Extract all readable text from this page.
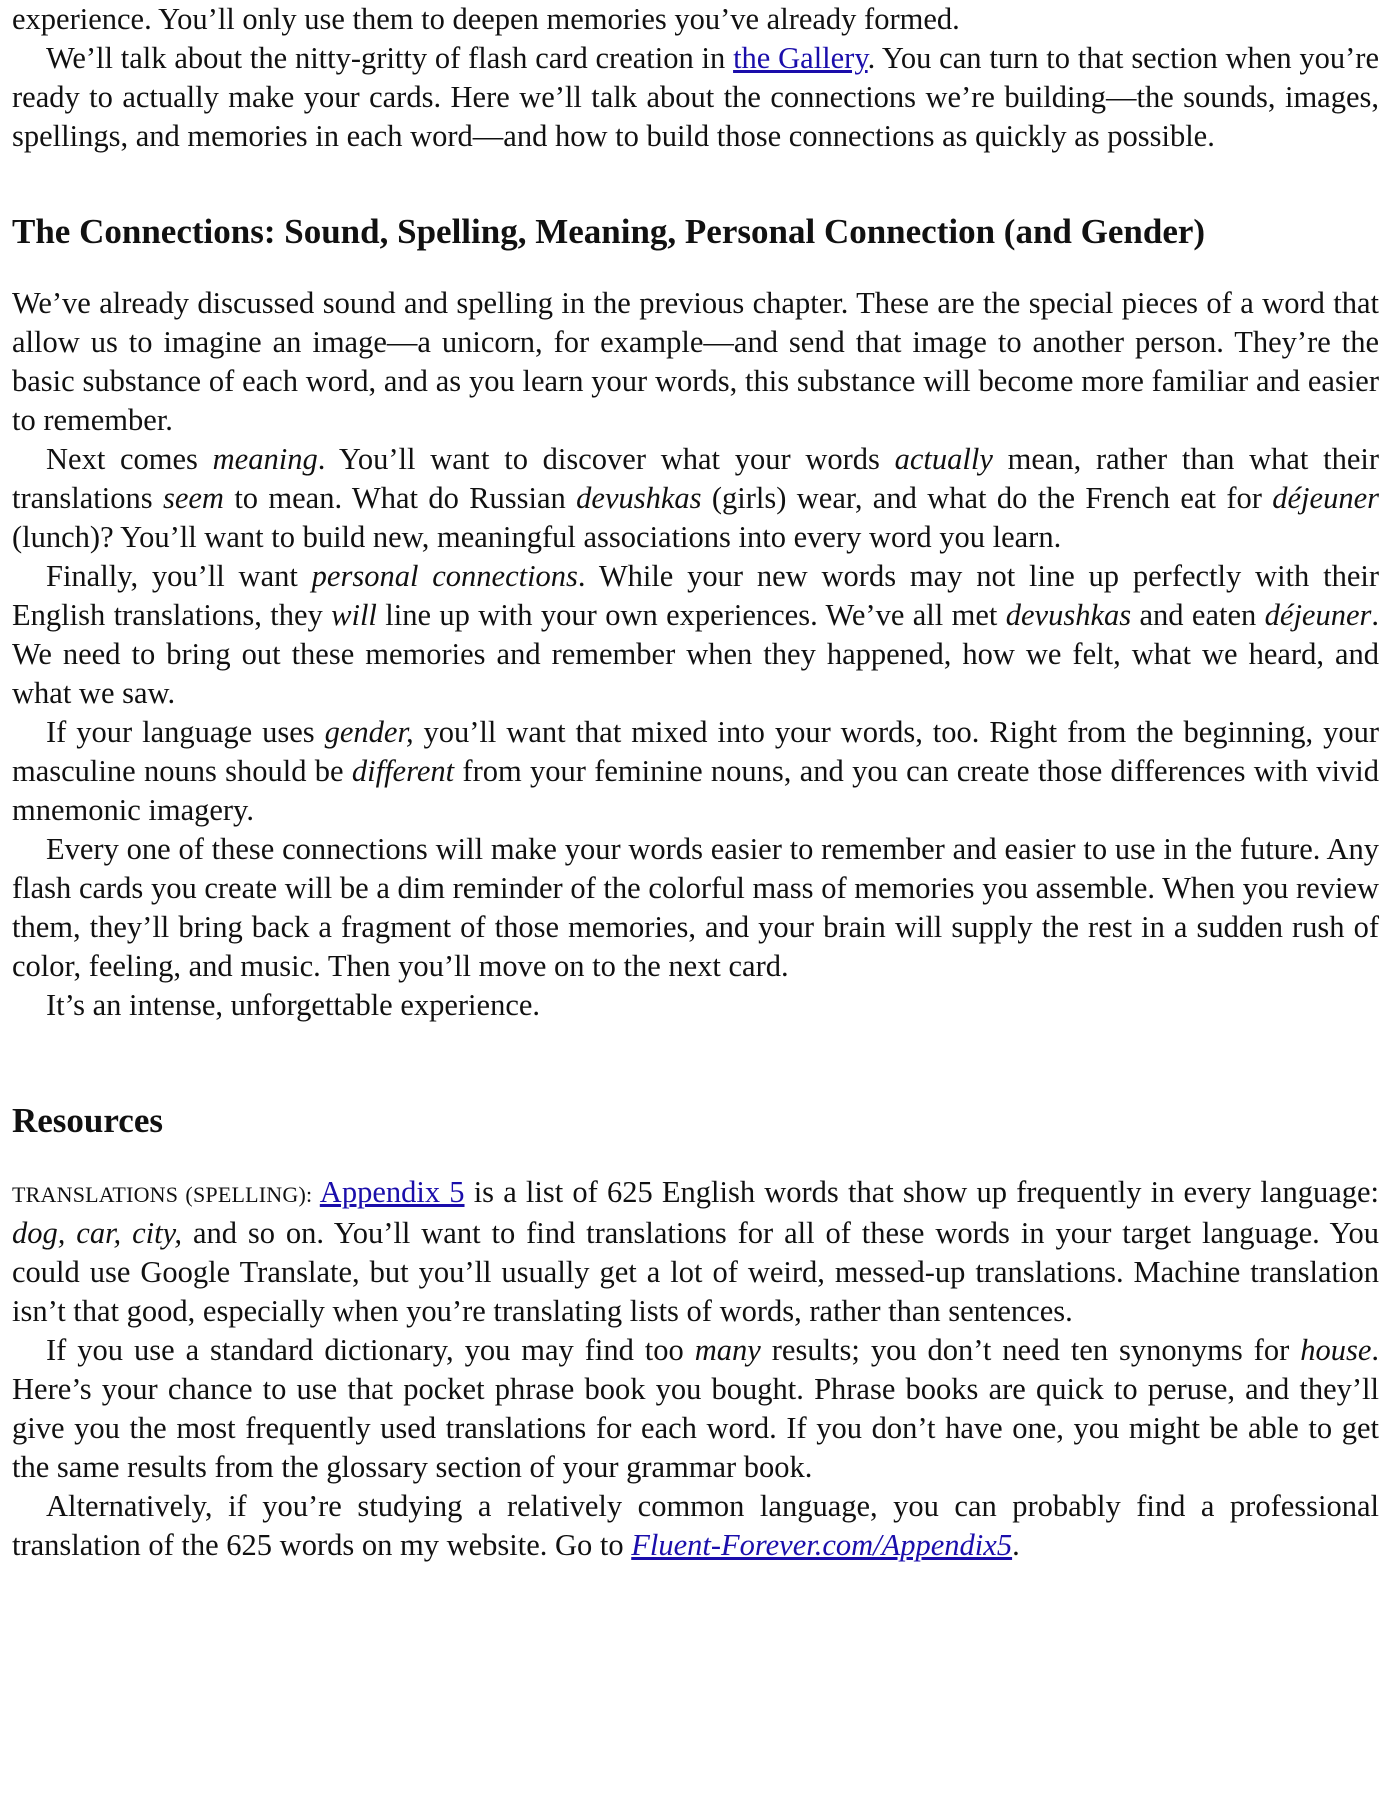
experience. You’ll only use them to deepen memories you’ve already formed.

We’ll talk about the nitty-gritty of flash card creation in the Gallery. You can turn to that section when you’re ready to actually make your cards. Here we’ll talk about the connections we’re building—the sounds, images, spellings, and memories in each word—and how to build those connections as quickly as possible.

The Connections: Sound, Spelling, Meaning, Personal Connection (and Gender)

We’ve already discussed sound and spelling in the previous chapter. These are the special pieces of a word that allow us to imagine an image—a unicorn, for example—and send that image to another person. They’re the basic substance of each word, and as you learn your words, this substance will become more familiar and easier to remember.

Next comes meaning. You’ll want to discover what your words actually mean, rather than what their translations seem to mean. What do Russian devushkas (girls) wear, and what do the French eat for déjeuner (lunch)? You’ll want to build new, meaningful associations into every word you learn.

Finally, you’ll want personal connections. While your new words may not line up perfectly with their English translations, they will line up with your own experiences. We’ve all met devushkas and eaten déjeuner. We need to bring out these memories and remember when they happened, how we felt, what we heard, and what we saw.

If your language uses gender, you’ll want that mixed into your words, too. Right from the beginning, your masculine nouns should be different from your feminine nouns, and you can create those differences with vivid mnemonic imagery.

Every one of these connections will make your words easier to remember and easier to use in the future. Any flash cards you create will be a dim reminder of the colorful mass of memories you assemble. When you review them, they’ll bring back a fragment of those memories, and your brain will supply the rest in a sudden rush of color, feeling, and music. Then you’ll move on to the next card.

It’s an intense, unforgettable experience.

Resources

TRANSLATIONS (SPELLING): Appendix 5 is a list of 625 English words that show up frequently in every language: dog, car, city, and so on. You’ll want to find translations for all of these words in your target language. You could use Google Translate, but you’ll usually get a lot of weird, messed-up translations. Machine translation isn’t that good, especially when you’re translating lists of words, rather than sentences.

If you use a standard dictionary, you may find too many results; you don’t need ten synonyms for house. Here’s your chance to use that pocket phrase book you bought. Phrase books are quick to peruse, and they’ll give you the most frequently used translations for each word. If you don’t have one, you might be able to get the same results from the glossary section of your grammar book.

Alternatively, if you’re studying a relatively common language, you can probably find a professional translation of the 625 words on my website. Go to Fluent-Forever.com/Appendix5.
